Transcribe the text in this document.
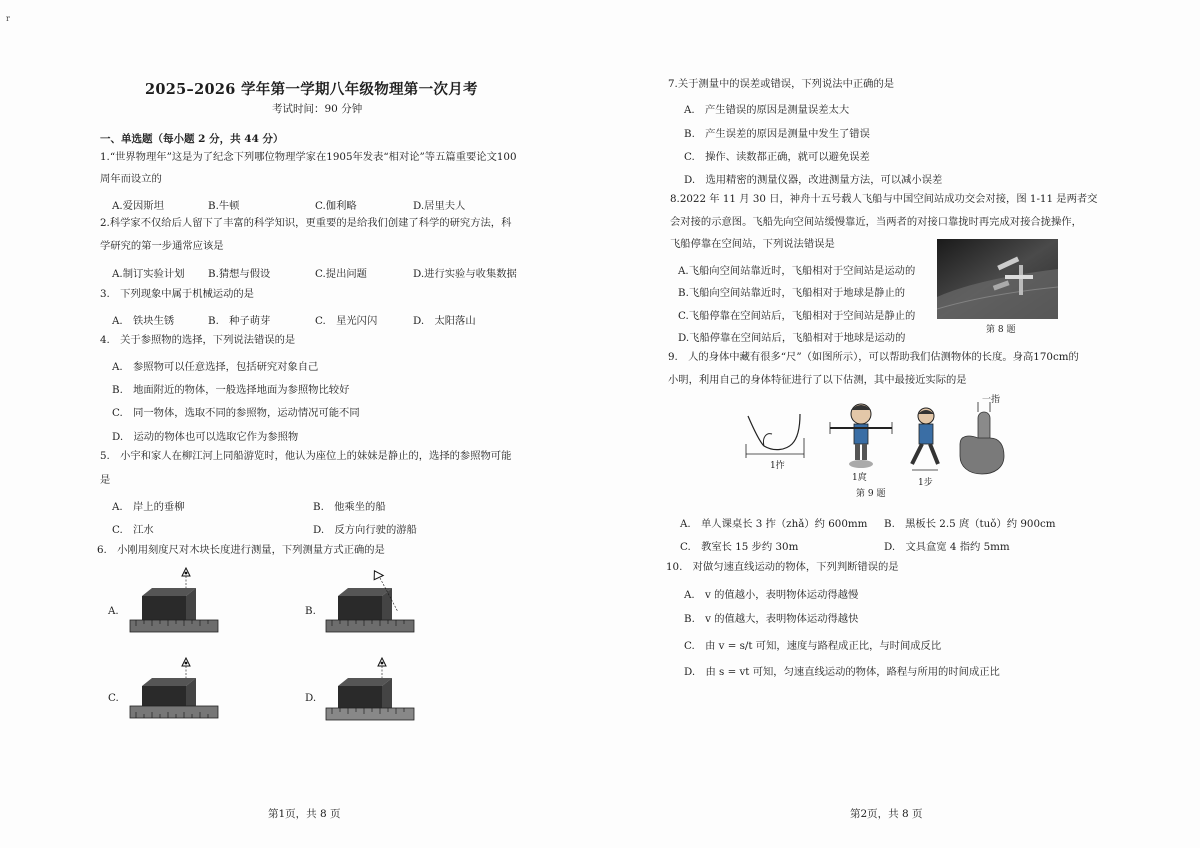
r
2025–2026 学年第一学期八年级物理第一次月考
考试时间：90 分钟
一、单选题（每小题 2 分，共 44 分）
1.“世界物理年”这是为了纪念下列哪位物理学家在1905年发表“相对论”等五篇重要论文100
周年而设立的
A.爱因斯坦	B.牛顿	C.伽利略	D.居里夫人
2.科学家不仅给后人留下了丰富的科学知识，更重要的是给我们创建了科学的研究方法，科
学研究的第一步通常应该是
A.制订实验计划 B.猜想与假设	C.提出问题	D.进行实验与收集数据
3.　下列现象中属于机械运动的是
A.　铁块生锈	B.　种子萌芽	C.　星光闪闪	D.　太阳落山
4.　关于参照物的选择，下列说法错误的是
A.　参照物可以任意选择，包括研究对象自己
B.　地面附近的物体，一般选择地面为参照物比较好
C.　同一物体，选取不同的参照物，运动情况可能不同
D.　运动的物体也可以选取它作为参照物
5.　小宇和家人在柳江河上同船游览时，他认为座位上的妹妹是静止的，选择的参照物可能
是
A.　岸上的垂柳	B.　他乘坐的船
C.　江水	D.　反方向行驶的游船
6.　小刚用刻度尺对木块长度进行测量，下列测量方式正确的是
A.	B.
C.	D.
第1页，共 8 页
7.关于测量中的误差或错误，下列说法中正确的是
A.　产生错误的原因是测量误差太大
B.　产生误差的原因是测量中发生了错误
C.　操作、读数都正确，就可以避免误差
D.　选用精密的测量仪器，改进测量方法，可以减小误差
8.2022 年 11 月 30 日，神舟十五号载人飞船与中国空间站成功交会对接，图 1-11 是两者交
会对接的示意图。飞船先向空间站缓慢靠近，当两者的对接口靠拢时再完成对接合拢操作，
飞船停靠在空间站，下列说法错误是
A.飞船向空间站靠近时，飞船相对于空间站是运动的
B.飞船向空间站靠近时，飞船相对于地球是静止的
C.飞船停靠在空间站后，飞船相对于空间站是静止的
D.飞船停靠在空间站后，飞船相对于地球是运动的
第 8 题
9.　人的身体中藏有很多“尺”（如图所示），可以帮助我们估测物体的长度。身高170cm的
小明，利用自己的身体特征进行了以下估测，其中最接近实际的是
1拃
1庹	1步
一指
第 9 题
A.　单人课桌长 3 拃（zhǎ）约 600mm B.　黑板长 2.5 庹（tuǒ）约 900cm
C.　教室长 15 步约 30m	D.　文具盒宽 4 指约 5mm
10.　对做匀速直线运动的物体，下列判断错误的是
A.　v 的值越小，表明物体运动得越慢
B.　v 的值越大，表明物体运动得越快
C.　由 v = s/t 可知，速度与路程成正比，与时间成反比
D.　由 s = vt 可知，匀速直线运动的物体，路程与所用的时间成正比
第2页，共 8 页
